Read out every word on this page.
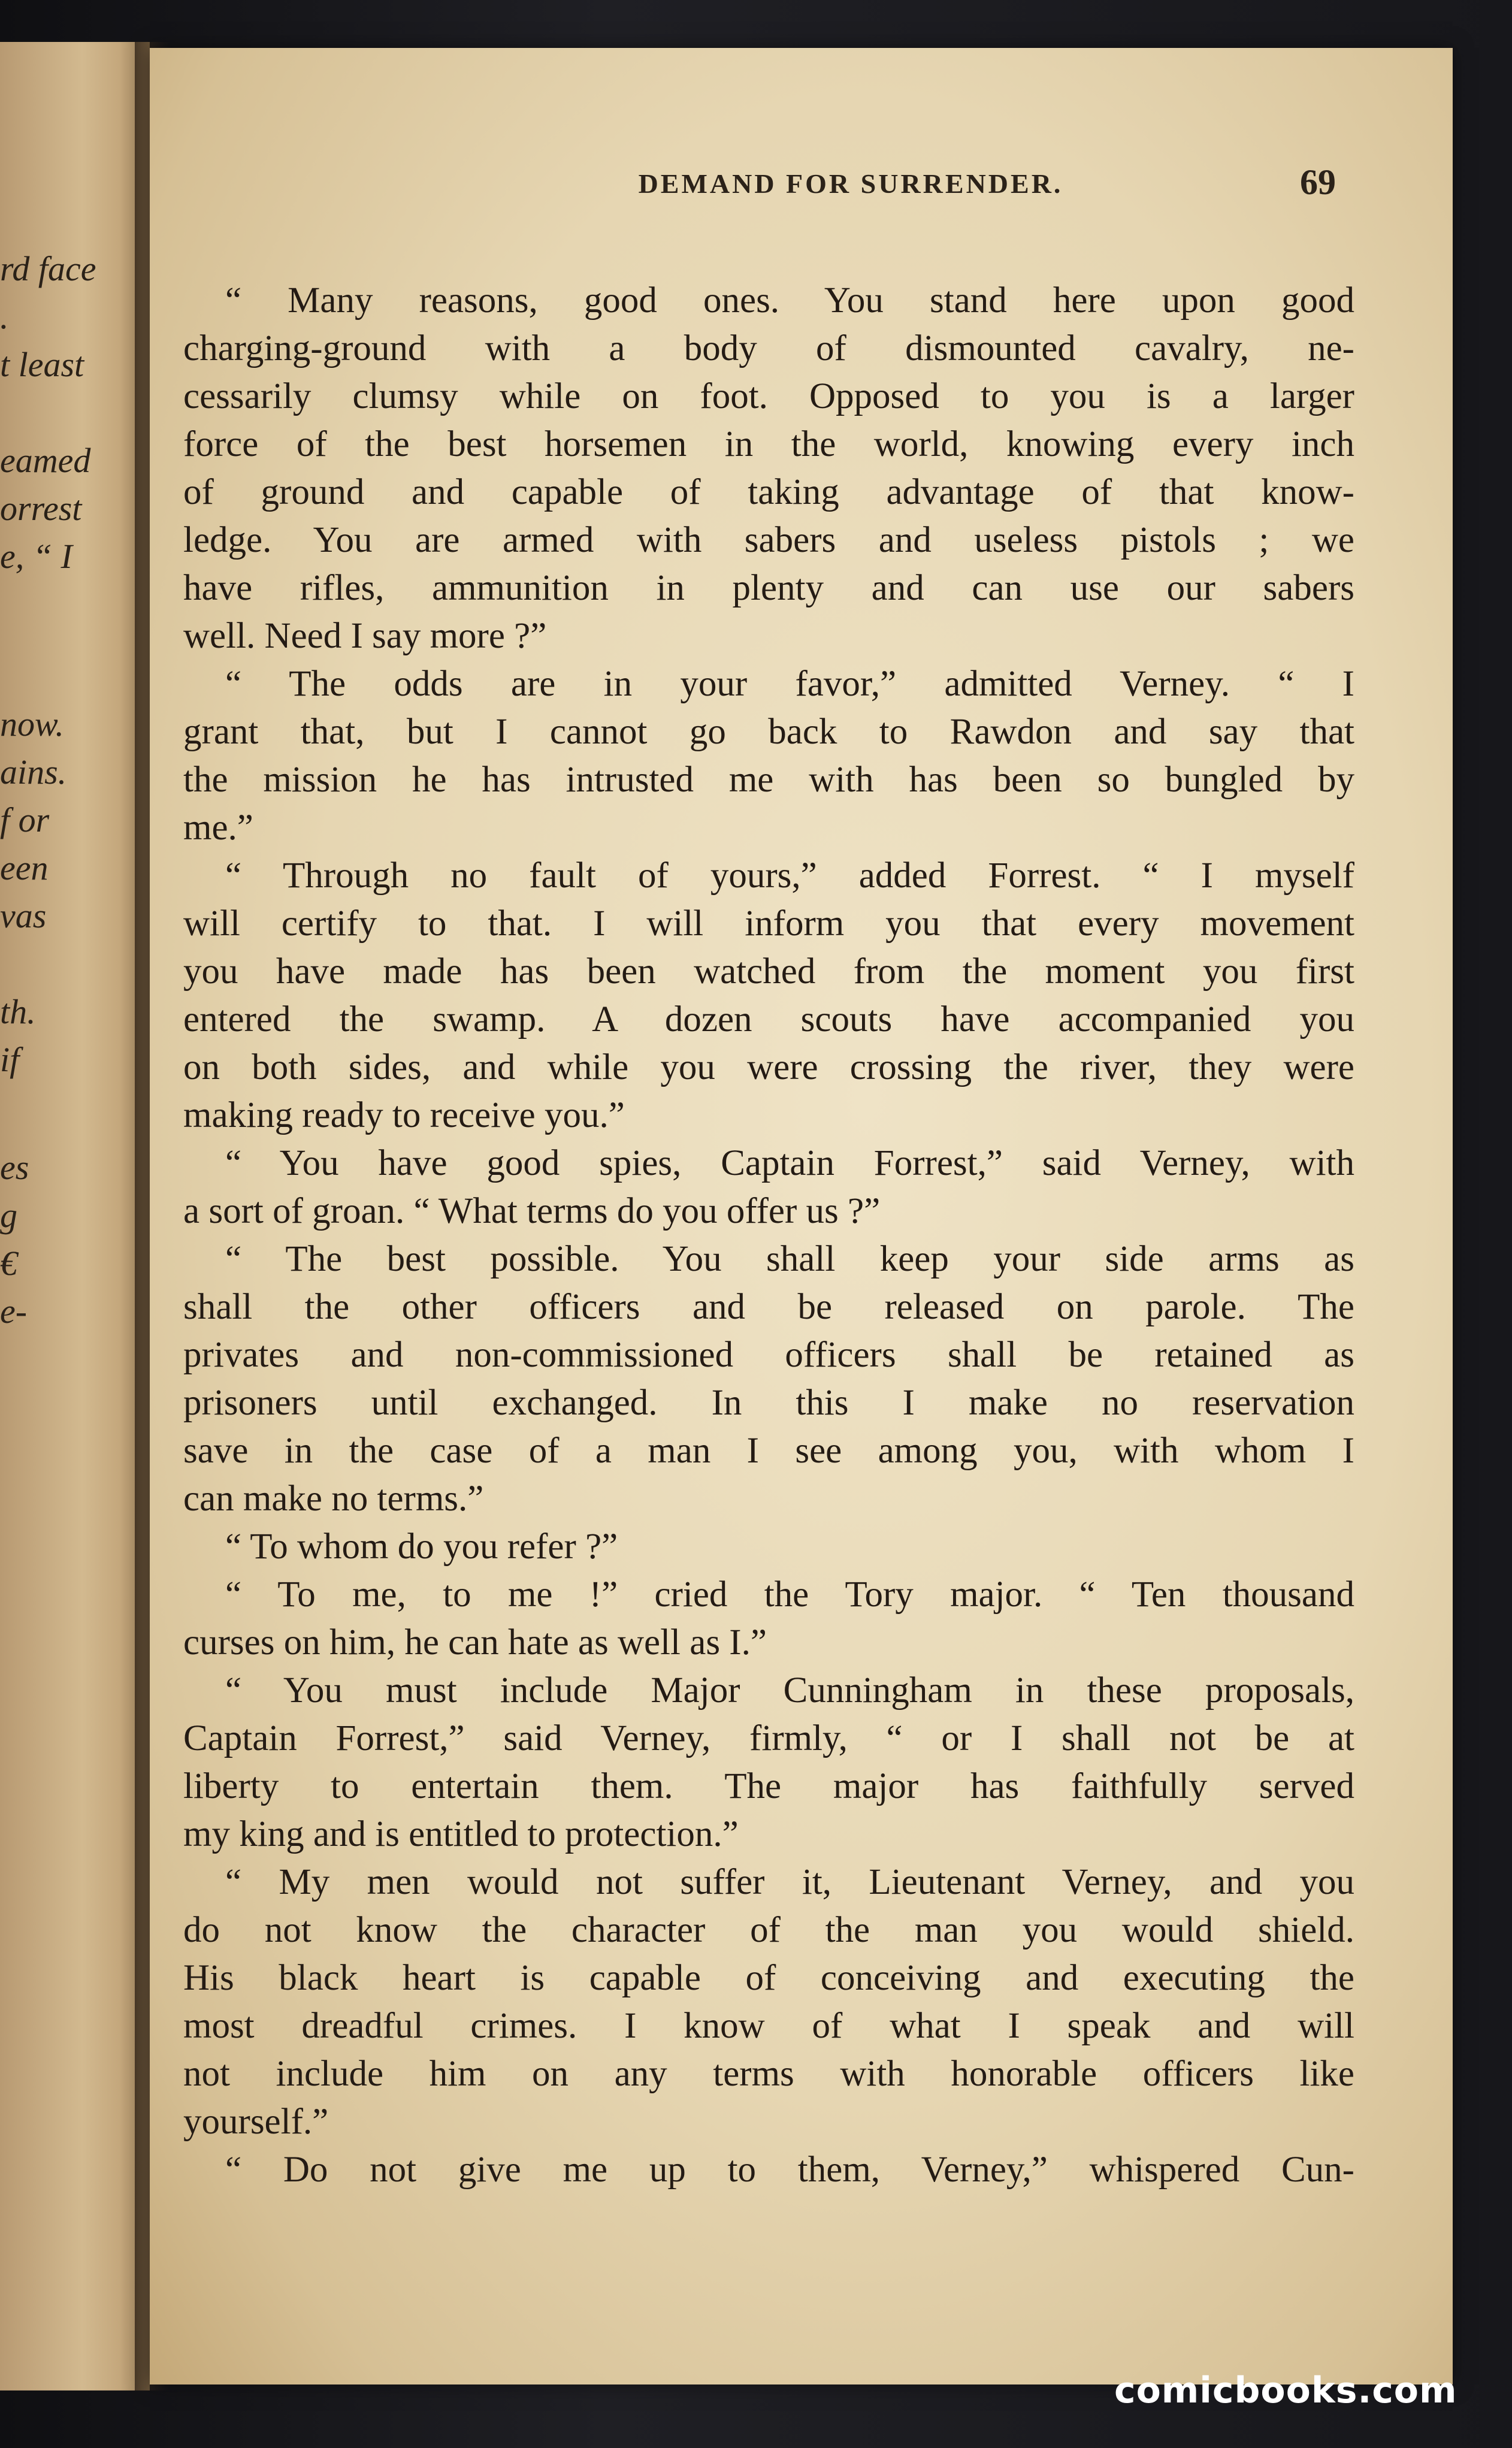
rd face
.
t least
eamed
orrest
e, “ I
now.
ains.
f or
een
vas
th.
if
es
g
€
e-
DEMAND FOR SURRENDER.	69
“ Many reasons, good ones. You stand here upon good
charging-ground with a body of dismounted cavalry, ne-
cessarily clumsy while on foot. Opposed to you is a larger
force of the best horsemen in the world, knowing every inch
of ground and capable of taking advantage of that know-
ledge. You are armed with sabers and useless pistols ; we
have rifles, ammunition in plenty and can use our sabers
well. Need I say more ?”
“ The odds are in your favor,” admitted Verney. “ I
grant that, but I cannot go back to Rawdon and say that
the mission he has intrusted me with has been so bungled by
me.”
“ Through no fault of yours,” added Forrest. “ I myself
will certify to that. I will inform you that every movement
you have made has been watched from the moment you first
entered the swamp. A dozen scouts have accompanied you
on both sides, and while you were crossing the river, they were
making ready to receive you.”
“ You have good spies, Captain Forrest,” said Verney, with
a sort of groan. “ What terms do you offer us ?”
“ The best possible. You shall keep your side arms as
shall the other officers and be released on parole. The
privates and non-commissioned officers shall be retained as
prisoners until exchanged. In this I make no reservation
save in the case of a man I see among you, with whom I
can make no terms.”
“ To whom do you refer ?”
“ To me, to me !” cried the Tory major. “ Ten thousand
curses on him, he can hate as well as I.”
“ You must include Major Cunningham in these proposals,
Captain Forrest,” said Verney, firmly, “ or I shall not be at
liberty to entertain them. The major has faithfully served
my king and is entitled to protection.”
“ My men would not suffer it, Lieutenant Verney, and you
do not know the character of the man you would shield.
His black heart is capable of conceiving and executing the
most dreadful crimes. I know of what I speak and will
not include him on any terms with honorable officers like
yourself.”
“ Do not give me up to them, Verney,” whispered Cun-
comicbooks.com
